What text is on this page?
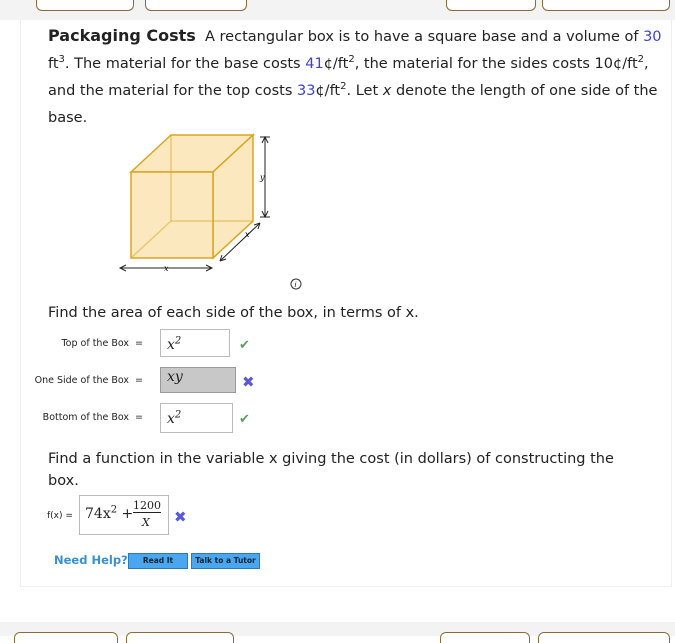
Packaging Costs A rectangular box is to have a square base and a volume of 30 $ft^3$. The material for the base costs $41¢/ft^2$, the material for the sides costs $10¢/ft^2$, and the material for the top costs $33¢/ft^2$. Let x denote the length of one side of the base.
x
y
x
i
Find the area of each side of the box, in terms of x.
Top of the Box =	$x^2$	✔
One Side of the Box =	xy	✖
Bottom of the Box =	$x^2$	✔
Find a function in the variable x giving the cost (in dollars) of constructing the box.
$f(x) = 74x^2$ +
1200
X ✖
Need Help?	Read It	Talk to a Tutor
